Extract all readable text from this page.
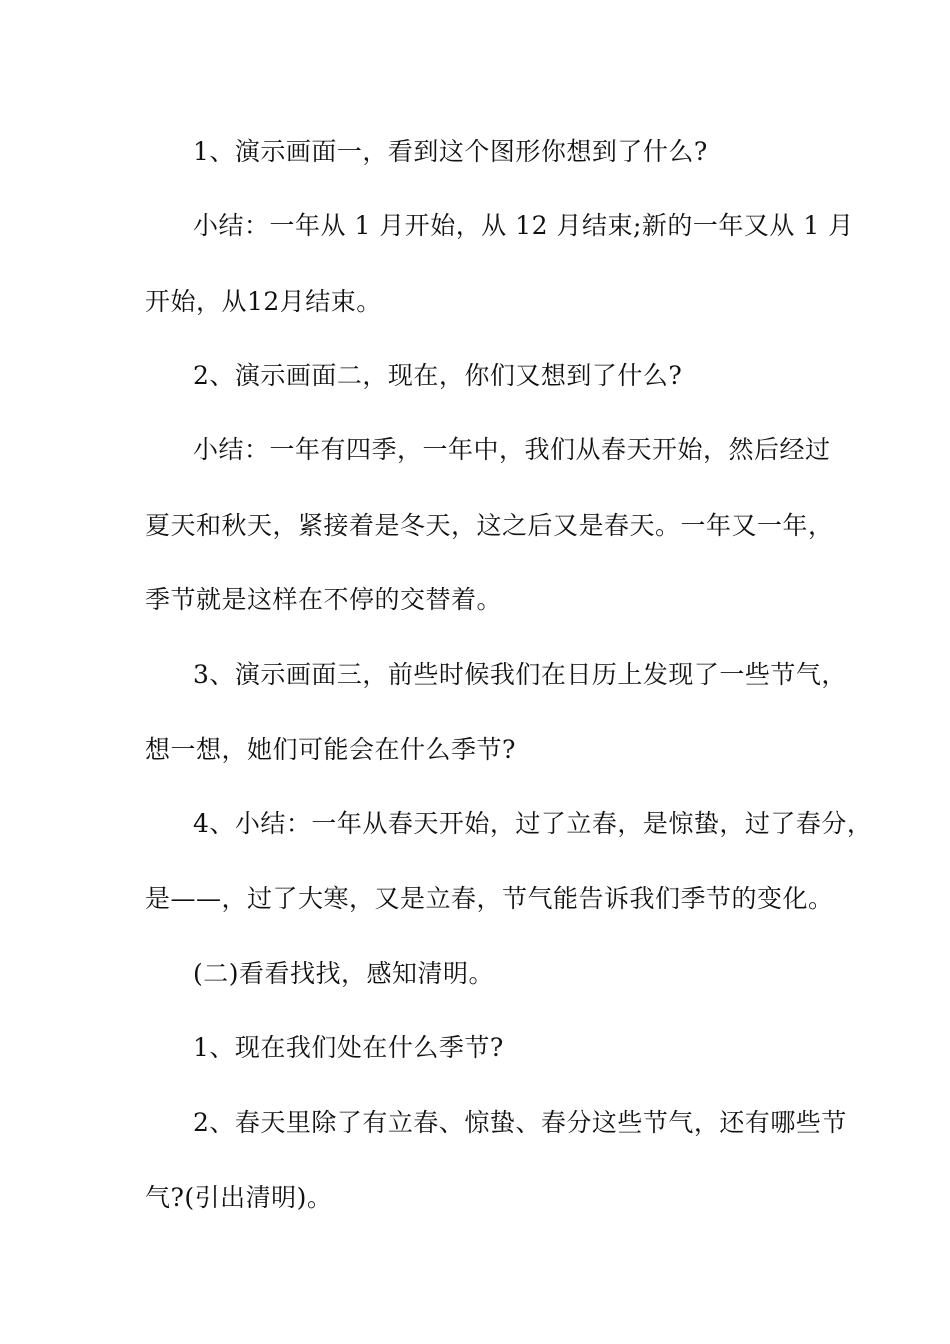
1、演示画面一，看到这个图形你想到了什么?
小结：一年从 1 月开始，从 12 月结束;新的一年又从 1 月
开始，从12月结束。
2、演示画面二，现在，你们又想到了什么?
小结：一年有四季，一年中，我们从春天开始，然后经过
夏天和秋天，紧接着是冬天，这之后又是春天。一年又一年，
季节就是这样在不停的交替着。
3、演示画面三，前些时候我们在日历上发现了一些节气，
想一想，她们可能会在什么季节?
4、小结：一年从春天开始，过了立春，是惊蛰，过了春分，
是——，过了大寒，又是立春，节气能告诉我们季节的变化。
(二)看看找找，感知清明。
1、现在我们处在什么季节?
2、春天里除了有立春、惊蛰、春分这些节气，还有哪些节
气?(引出清明)。
